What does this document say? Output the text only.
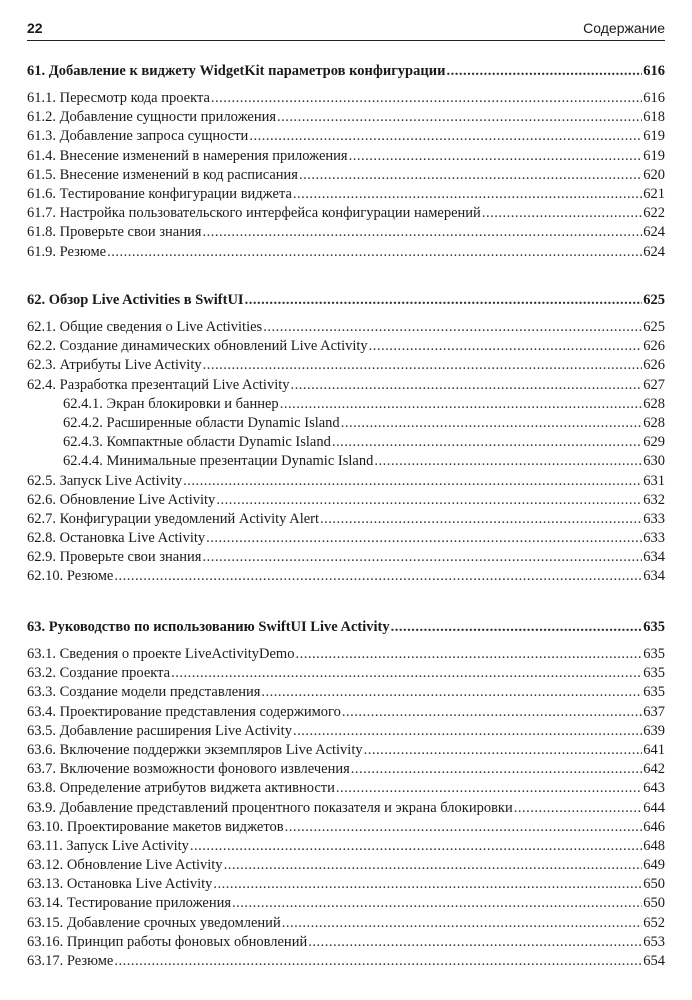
22	Содержание
61. Добавление к виджету WidgetKit параметров конфигурации .....	616
61.1. Пересмотр кода проекта .....	616
61.2. Добавление сущности приложения .....	618
61.3. Добавление запроса сущности .....	619
61.4. Внесение изменений в намерения приложения .....	619
61.5. Внесение изменений в код расписания .....	620
61.6. Тестирование конфигурации виджета .....	621
61.7. Настройка пользовательского интерфейса конфигурации намерений .....	622
61.8. Проверьте свои знания .....	624
61.9. Резюме .....	624
62. Обзор Live Activities в SwiftUI .....	625
62.1. Общие сведения о Live Activities .....	625
62.2. Создание динамических обновлений Live Activity .....	626
62.3. Атрибуты Live Activity .....	626
62.4. Разработка презентаций Live Activity .....	627
62.4.1. Экран блокировки и баннер .....	628
62.4.2. Расширенные области Dynamic Island .....	628
62.4.3. Компактные области Dynamic Island .....	629
62.4.4. Минимальные презентации Dynamic Island .....	630
62.5. Запуск Live Activity .....	631
62.6. Обновление Live Activity .....	632
62.7. Конфигурации уведомлений Activity Alert .....	633
62.8. Остановка Live Activity .....	633
62.9. Проверьте свои знания .....	634
62.10. Резюме .....	634
63. Руководство по использованию SwiftUI Live Activity .....	635
63.1. Сведения о проекте LiveActivityDemo .....	635
63.2. Создание проекта .....	635
63.3. Создание модели представления .....	635
63.4. Проектирование представления содержимого .....	637
63.5. Добавление расширения Live Activity .....	639
63.6. Включение поддержки экземпляров Live Activity .....	641
63.7. Включение возможности фонового извлечения .....	642
63.8. Определение атрибутов виджета активности .....	643
63.9. Добавление представлений процентного показателя и экрана блокировки .....	644
63.10. Проектирование макетов виджетов .....	646
63.11. Запуск Live Activity .....	648
63.12. Обновление Live Activity .....	649
63.13. Остановка Live Activity .....	650
63.14. Тестирование приложения .....	650
63.15. Добавление срочных уведомлений .....	652
63.16. Принцип работы фоновых обновлений .....	653
63.17. Резюме .....	654
